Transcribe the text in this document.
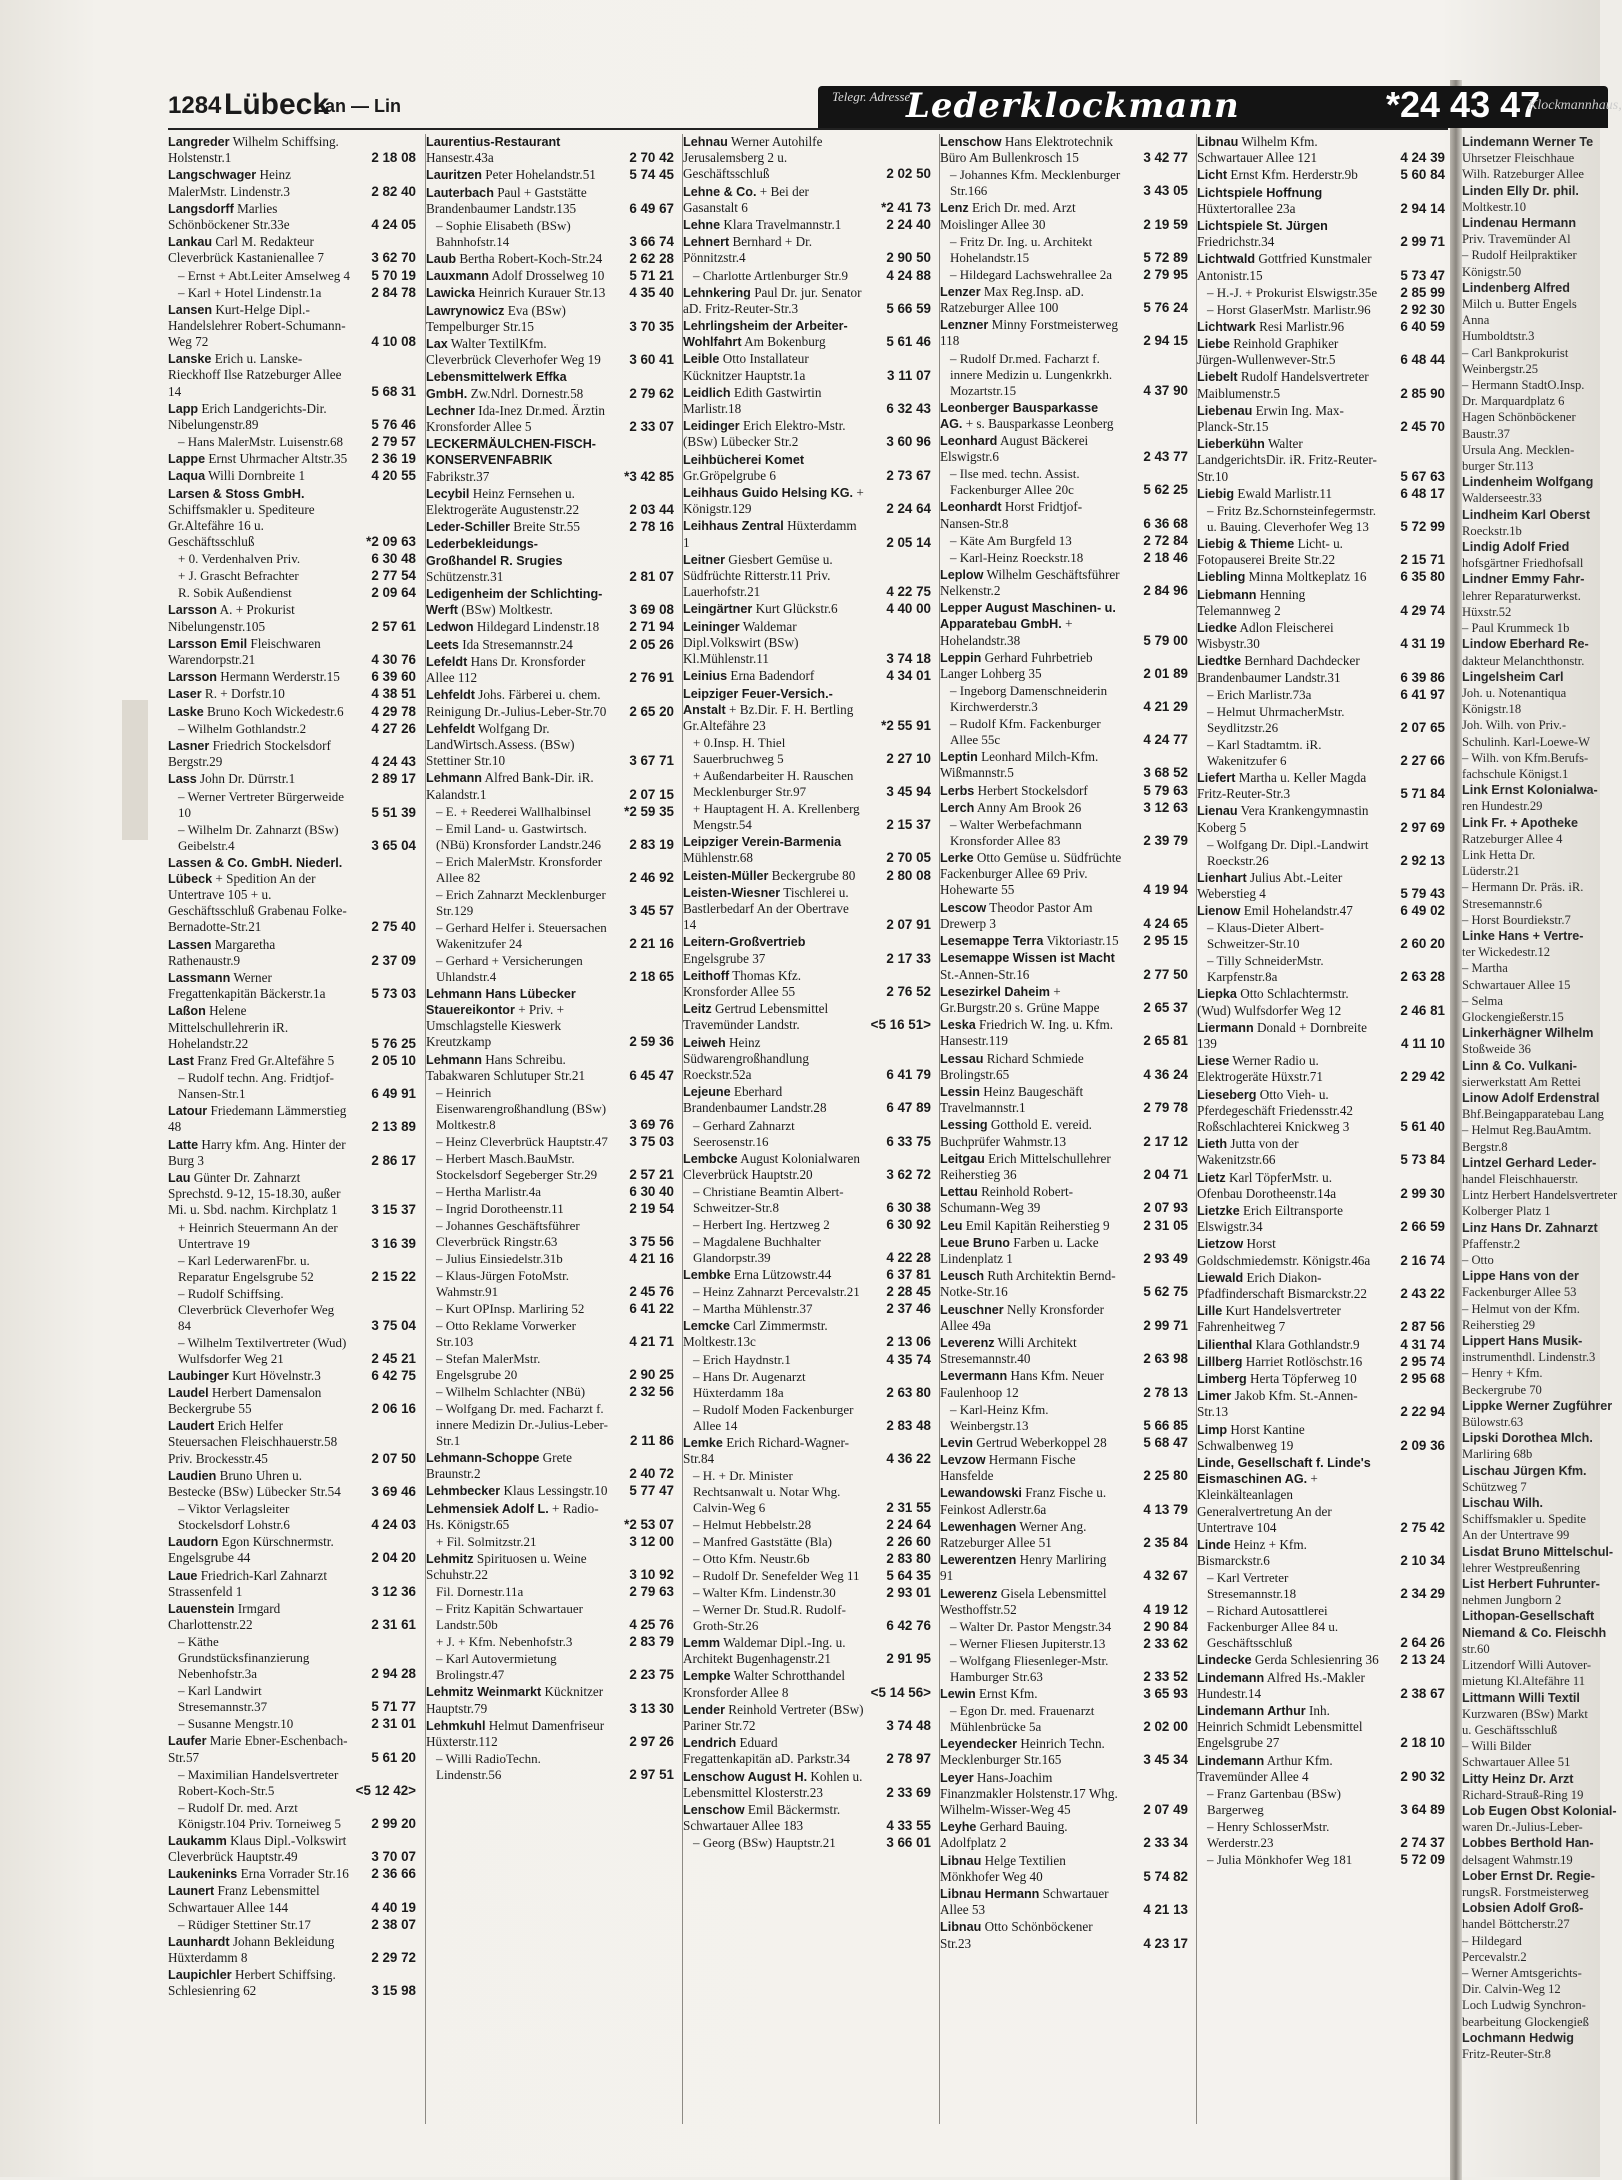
1284 Lübeck
Lan — Lin	Telegr. Adresse
Lederklockmann	*24 43 47
Klockmannhaus,
Langreder Wilhelm Schiffsing. Holstenstr.1	2 18 08
Langschwager Heinz MalerMstr. Lindenstr.3	2 82 40
Langsdorff Marlies Schönböckener Str.33e	4 24 05
Lankau Carl M. Redakteur Cleverbrück Kastanienallee 7	3 62 70
– Ernst + Abt.Leiter Amselweg 4 5 70 19
– Karl + Hotel Lindenstr.1a	2 84 78
Lansen Kurt-Helge Dipl.-Handelslehrer Robert-Schumann-Weg 72	4 10 08
Lanske Erich u. Lanske-Rieckhoff Ilse Ratzeburger Allee 14	5 68 31
Lapp Erich Landgerichts-Dir. Nibelungenstr.89	5 76 46
– Hans MalerMstr. Luisenstr.68 2 79 57
Lappe Ernst Uhrmacher Altstr.35 2 36 19
Laqua Willi Dornbreite 1	4 20 55
Larsen & Stoss GmbH. Schiffsmakler u. Spediteure Gr.Altefähre 16 u. Geschäftsschluß	*2 09 63
+ 0. Verdenhalven Priv.	6 30 48
+ J. Grascht Befrachter	2 77 54
R. Sobik Außendienst	2 09 64
Larsson A. + Prokurist Nibelungenstr.105	2 57 61
Larsson Emil Fleischwaren Warendorpstr.21	4 30 76
Larsson Hermann Werderstr.15 6 39 60
Laser R. + Dorfstr.10	4 38 51
Laske Bruno Koch Wickedestr.6 4 29 78
– Wilhelm Gothlandstr.2	4 27 26
Lasner Friedrich Stockelsdorf Bergstr.29	4 24 43
Lass John Dr. Dürrstr.1	2 89 17
– Werner Vertreter Bürgerweide 10	5 51 39
– Wilhelm Dr. Zahnarzt (BSw) Geibelstr.4	3 65 04
Lassen & Co. GmbH. Niederl. Lübeck + Spedition An der Untertrave 105 + u. Geschäftsschluß Grabenau Folke-Bernadotte-Str.21	2 75 40
Lassen Margaretha Rathenaustr.9	2 37 09
Lassmann Werner Fregattenkapitän Bäckerstr.1a	5 73 03
Laßon Helene Mittelschullehrerin iR. Hohelandstr.22	5 76 25
Last Franz Fred Gr.Altefähre 5	2 05 10
– Rudolf techn. Ang. Fridtjof-Nansen-Str.1	6 49 91
Latour Friedemann Lämmerstieg 48	2 13 89
Latte Harry kfm. Ang. Hinter der Burg 3	2 86 17
Lau Günter Dr. Zahnarzt Sprechstd. 9-12, 15-18.30, außer Mi. u. Sbd. nachm. Kirchplatz 1	3 15 37
+ Heinrich Steuermann An der Untertrave 19	3 16 39
– Karl LederwarenFbr. u. Reparatur Engelsgrube 52	2 15 22
– Rudolf Schiffsing. Cleverbrück Cleverhofer Weg 84	3 75 04
– Wilhelm Textilvertreter (Wud) Wulfsdorfer Weg 21	2 45 21
Laubinger Kurt Hövelnstr.3	6 42 75
Laudel Herbert Damensalon Beckergrube 55	2 06 16
Laudert Erich Helfer Steuersachen Fleischhauerstr.58 Priv. Brockesstr.45	2 07 50
Laudien Bruno Uhren u. Bestecke (BSw) Lübecker Str.54 3 69 46
– Viktor Verlagsleiter Stockelsdorf Lohstr.6	4 24 03
Laudorn Egon Kürschnermstr. Engelsgrube 44	2 04 20
Laue Friedrich-Karl Zahnarzt Strassenfeld 1	3 12 36
Lauenstein Irmgard Charlottenstr.22	2 31 61
– Käthe Grundstücksfinanzierung Nebenhofstr.3a	2 94 28
– Karl Landwirt Stresemannstr.37	5 71 77
– Susanne Mengstr.10	2 31 01
Laufer Marie Ebner-Eschenbach-Str.57	5 61 20
– Maximilian Handelsvertreter Robert-Koch-Str.5	<5 12 42>
– Rudolf Dr. med. Arzt Königstr.104 Priv. Torneiweg 5 2 99 20
Laukamm Klaus Dipl.-Volkswirt Cleverbrück Hauptstr.49	3 70 07
Laukeninks Erna Vorrader Str.16 2 36 66
Launert Franz Lebensmittel Schwartauer Allee 144	4 40 19
– Rüdiger Stettiner Str.17	2 38 07
Launhardt Johann Bekleidung Hüxterdamm 8	2 29 72
Laupichler Herbert Schiffsing. Schlesienring 62	3 15 98
Laurentius-Restaurant Hansestr.43a	2 70 42
Lauritzen Peter Hohelandstr.51 5 74 45
Lauterbach Paul + Gaststätte Brandenbaumer Landstr.135	6 49 67
– Sophie Elisabeth (BSw) Bahnhofstr.14	3 66 74
Laub Bertha Robert-Koch-Str.24 2 62 28
Lauxmann Adolf Drosselweg 10 5 71 21
Lawicka Heinrich Kurauer Str.13 4 35 40
Lawrynowicz Eva (BSw) Tempelburger Str.15	3 70 35
Lax Walter TextilKfm. Cleverbrück Cleverhofer Weg 19 3 60 41
Lebensmittelwerk Effka GmbH. Zw.Ndrl. Dornestr.58	2 79 62
Lechner Ida-Inez Dr.med. Ärztin Kronsforder Allee 5	2 33 07
LECKERMÄULCHEN-FISCH-KONSERVENFABRIK Fabrikstr.37	*3 42 85
Lecybil Heinz Fernsehen u. Elektrogeräte Augustenstr.22	2 03 44
Leder-Schiller Breite Str.55	2 78 16
Lederbekleidungs-Großhandel R. Srugies Schützenstr.31	2 81 07
Ledigenheim der Schlichting-Werft (BSw) Moltkestr.	3 69 08
Ledwon Hildegard Lindenstr.18 2 71 94
Leets Ida Stresemannstr.24	2 05 26
Lefeldt Hans Dr. Kronsforder Allee 112	2 76 91
Lehfeldt Johs. Färberei u. chem. Reinigung Dr.-Julius-Leber-Str.70 2 65 20
Lehfeldt Wolfgang Dr. LandWirtsch.Assess. (BSw) Stettiner Str.10	3 67 71
Lehmann Alfred Bank-Dir. iR. Kalandstr.1	2 07 15
– E. + Reederei Wallhalbinsel *2 59 35
– Emil Land- u. Gastwirtsch. (NBü) Kronsforder Landstr.246 2 83 19
– Erich MalerMstr. Kronsforder Allee 82	2 46 92
– Erich Zahnarzt Mecklenburger Str.129	3 45 57
– Gerhard Helfer i. Steuersachen Wakenitzufer 24	2 21 16
– Gerhard + Versicherungen Uhlandstr.4	2 18 65
Lehmann Hans Lübecker Stauereikontor + Priv. + Umschlagstelle Kieswerk Kreutzkamp	2 59 36
Lehmann Hans Schreibu. Tabakwaren Schlutuper Str.21	6 45 47
– Heinrich Eisenwarengroßhandlung (BSw) Moltkestr.8	3 69 76
– Heinz Cleverbrück Hauptstr.47 3 75 03
– Herbert Masch.BauMstr. Stockelsdorf Segeberger Str.29 2 57 21
– Hertha Marlistr.4a	6 30 40
– Ingrid Dorotheenstr.11	2 19 54
– Johannes Geschäftsführer Cleverbrück Ringstr.63	3 75 56
– Julius Einsiedelstr.31b	4 21 16
– Klaus-Jürgen FotoMstr. Wahmstr.91	2 45 76
– Kurt OPInsp. Marliring 52	6 41 22
– Otto Reklame Vorwerker Str.103	4 21 71
– Stefan MalerMstr. Engelsgrube 20	2 90 25
– Wilhelm Schlachter (NBü)	2 32 56
– Wolfgang Dr. med. Facharzt f. innere Medizin Dr.-Julius-Leber-Str.1	2 11 86
Lehmann-Schoppe Grete Braunstr.2	2 40 72
Lehmbecker Klaus Lessingstr.10 5 77 47
Lehmensiek Adolf L. + Radio-Hs. Königstr.65	*2 53 07
+ Fil. Solmitzstr.21	3 12 00
Lehmitz Spirituosen u. Weine Schuhstr.22	3 10 92
Fil. Dornestr.11a	2 79 63
– Fritz Kapitän Schwartauer Landstr.50b	4 25 76
+ J. + Kfm. Nebenhofstr.3	2 83 79
– Karl Autovermietung Brolingstr.47	2 23 75
Lehmitz Weinmarkt Kücknitzer Hauptstr.79	3 13 30
Lehmkuhl Helmut Damenfriseur Hüxterstr.112	2 97 26
– Willi RadioTechn. Lindenstr.56	2 97 51
Lehnau Werner Autohilfe Jerusalemsberg 2 u. Geschäftsschluß	2 02 50
Lehne & Co. + Bei der Gasanstalt 6	*2 41 73
Lehne Klara Travelmannstr.1	2 24 40
Lehnert Bernhard + Dr. Pönnitzstr.4	2 90 50
– Charlotte Artlenburger Str.9	4 24 88
Lehnkering Paul Dr. jur. Senator aD. Fritz-Reuter-Str.3	5 66 59
Lehrlingsheim der Arbeiter-Wohlfahrt Am Bokenburg	5 61 46
Leible Otto Installateur Kücknitzer Hauptstr.1a	3 11 07
Leidlich Edith Gastwirtin Marlistr.18	6 32 43
Leidinger Erich Elektro-Mstr. (BSw) Lübecker Str.2	3 60 96
Leihbücherei Komet Gr.Gröpelgrube 6	2 73 67
Leihhaus Guido Helsing KG. + Königstr.129	2 24 64
Leihhaus Zentral Hüxterdamm 1	2 05 14
Leitner Giesbert Gemüse u. Südfrüchte Ritterstr.11 Priv. Lauerhofstr.21	4 22 75
Leingärtner Kurt Glückstr.6	4 40 00
Leininger Waldemar Dipl.Volkswirt (BSw) Kl.Mühlenstr.11	3 74 18
Leinius Erna Badendorf	4 34 01
Leipziger Feuer-Versich.-Anstalt + Bz.Dir. F. H. Bertling Gr.Altefähre 23	*2 55 91
+ 0.Insp. H. Thiel Sauerbruchweg 5	2 27 10
+ Außendarbeiter H. Rauschen Mecklenburger Str.97	3 45 94
+ Hauptagent H. A. Krellenberg Mengstr.54	2 15 37
Leipziger Verein-Barmenia Mühlenstr.68	2 70 05
Leisten-Müller Beckergrube 80 2 80 08
Leisten-Wiesner Tischlerei u. Bastlerbedarf An der Obertrave 14	2 07 91
Leitern-Großvertrieb Engelsgrube 37	2 17 33
Leithoff Thomas Kfz. Kronsforder Allee 55	2 76 52
Leitz Gertrud Lebensmittel Travemünder Landstr.	<5 16 51>
Leiweh Heinz Südwarengroßhandlung Roeckstr.52a	6 41 79
Lejeune Eberhard Brandenbaumer Landstr.28	6 47 89
– Gerhard Zahnarzt Seerosenstr.16	6 33 75
Lembcke August Kolonialwaren Cleverbrück Hauptstr.20	3 62 72
– Christiane Beamtin Albert-Schweitzer-Str.8	6 30 38
– Herbert Ing. Hertzweg 2	6 30 92
– Magdalene Buchhalter Glandorpstr.39	4 22 28
Lembke Erna Lützowstr.44	6 37 81
– Heinz Zahnarzt Percevalstr.21 2 28 45
– Martha Mühlenstr.37	2 37 46
Lemcke Carl Zimmermstr. Moltkestr.13c	2 13 06
– Erich Haydnstr.1	4 35 74
– Hans Dr. Augenarzt Hüxterdamm 18a	2 63 80
– Rudolf Moden Fackenburger Allee 14	2 83 48
Lemke Erich Richard-Wagner-Str.84	4 36 22
– H. + Dr. Minister Rechtsanwalt u. Notar Whg. Calvin-Weg 6	2 31 55
– Helmut Hebbelstr.28	2 24 64
– Manfred Gaststätte (Bla)	2 26 60
– Otto Kfm. Neustr.6b	2 83 80
– Rudolf Dr. Senefelder Weg 11 5 64 35
– Walter Kfm. Lindenstr.30	2 93 01
– Werner Dr. Stud.R. Rudolf-Groth-Str.26	6 42 76
Lemm Waldemar Dipl.-Ing. u. Architekt Bugenhagenstr.21	2 91 95
Lempke Walter Schrotthandel Kronsforder Allee 8	<5 14 56>
Lender Reinhold Vertreter (BSw) Pariner Str.72	3 74 48
Lendrich Eduard Fregattenkapitän aD. Parkstr.34	2 78 97
Lenschow August H. Kohlen u. Lebensmittel Klosterstr.23	2 33 69
Lenschow Emil Bäckermstr. Schwartauer Allee 183	4 33 55
– Georg (BSw) Hauptstr.21	3 66 01
Lenschow Hans Elektrotechnik Büro Am Bullenkrosch 15	3 42 77
– Johannes Kfm. Mecklenburger Str.166	3 43 05
Lenz Erich Dr. med. Arzt Moislinger Allee 30	2 19 59
– Fritz Dr. Ing. u. Architekt Hohelandstr.15	5 72 89
– Hildegard Lachswehrallee 2a 2 79 95
Lenzer Max Reg.Insp. aD. Ratzeburger Allee 100	5 76 24
Lenzner Minny Forstmeisterweg 118	2 94 15
– Rudolf Dr.med. Facharzt f. innere Medizin u. Lungenkrkh. Mozartstr.15	4 37 90
Leonberger Bausparkasse AG. + s. Bausparkasse Leonberg
Leonhard August Bäckerei Elswigstr.6	2 43 77
– Ilse med. techn. Assist. Fackenburger Allee 20c	5 62 25
Leonhardt Horst Fridtjof-Nansen-Str.8	6 36 68
– Käte Am Burgfeld 13	2 72 84
– Karl-Heinz Roeckstr.18	2 18 46
Leplow Wilhelm Geschäftsführer Nelkenstr.2	2 84 96
Lepper August Maschinen- u. Apparatebau GmbH. + Hohelandstr.38	5 79 00
Leppin Gerhard Fuhrbetrieb Langer Lohberg 35	2 01 89
– Ingeborg Damenschneiderin Kirchwerderstr.3	4 21 29
– Rudolf Kfm. Fackenburger Allee 55c	4 24 77
Leptin Leonhard Milch-Kfm. Wißmannstr.5	3 68 52
Lerbs Herbert Stockelsdorf	5 79 63
Lerch Anny Am Brook 26	3 12 63
– Walter Werbefachmann Kronsforder Allee 83	2 39 79
Lerke Otto Gemüse u. Südfrüchte Fackenburger Allee 69 Priv. Hohewarte 55	4 19 94
Lescow Theodor Pastor Am Drewerp 3	4 24 65
Lesemappe Terra Viktoriastr.15 2 95 15
Lesemappe Wissen ist Macht St.-Annen-Str.16	2 77 50
Lesezirkel Daheim + Gr.Burgstr.20 s. Grüne Mappe	2 65 37
Leska Friedrich W. Ing. u. Kfm. Hansestr.119	2 65 81
Lessau Richard Schmiede Brolingstr.65	4 36 24
Lessin Heinz Baugeschäft Travelmannstr.1	2 79 78
Lessing Gotthold E. vereid. Buchprüfer Wahmstr.13	2 17 12
Leitgau Erich Mittelschullehrer Reiherstieg 36	2 04 71
Lettau Reinhold Robert-Schumann-Weg 39	2 07 93
Leu Emil Kapitän Reiherstieg 9	2 31 05
Leue Bruno Farben u. Lacke Lindenplatz 1	2 93 49
Leusch Ruth Architektin Bernd-Notke-Str.16	5 62 75
Leuschner Nelly Kronsforder Allee 49a	2 99 71
Leverenz Willi Architekt Stresemannstr.40	2 63 98
Levermann Hans Kfm. Neuer Faulenhoop 12	2 78 13
– Karl-Heinz Kfm. Weinbergstr.13	5 66 85
Levin Gertrud Weberkoppel 28	5 68 47
Levzow Hermann Fische Hansfelde	2 25 80
Lewandowski Franz Fische u. Feinkost Adlerstr.6a	4 13 79
Lewenhagen Werner Ang. Ratzeburger Allee 51	2 35 84
Lewerentzen Henry Marliring 91	4 32 67
Lewerenz Gisela Lebensmittel Westhoffstr.52	4 19 12
– Walter Dr. Pastor Mengstr.34 2 90 84
– Werner Fliesen Jupiterstr.13	2 33 62
– Wolfgang Fliesenleger-Mstr. Hamburger Str.63	2 33 52
Lewin Ernst Kfm.	3 65 93
– Egon Dr. med. Frauenarzt Mühlenbrücke 5a	2 02 00
Leyendecker Heinrich Techn. Mecklenburger Str.165	3 45 34
Leyer Hans-Joachim Finanzmakler Holstenstr.17 Whg. Wilhelm-Wisser-Weg 45	2 07 49
Leyhe Gerhard Bauing. Adolfplatz 2	2 33 34
Libnau Helge Textilien Mönkhofer Weg 40	5 74 82
Libnau Hermann Schwartauer Allee 53	4 21 13
Libnau Otto Schönböckener Str.23	4 23 17
Libnau Wilhelm Kfm. Schwartauer Allee 121	4 24 39
Licht Ernst Kfm. Herderstr.9b	5 60 84
Lichtspiele Hoffnung Hüxtertorallee 23a	2 94 14
Lichtspiele St. Jürgen Friedrichstr.34	2 99 71
Lichtwald Gottfried Kunstmaler Antonistr.15	5 73 47
– H.-J. + Prokurist Elswigstr.35e 2 85 99
– Horst GlaserMstr. Marlistr.96 2 92 30
Lichtwark Resi Marlistr.96	6 40 59
Liebe Reinhold Graphiker Jürgen-Wullenwever-Str.5	6 48 44
Liebelt Rudolf Handelsvertreter Maiblumenstr.5	2 85 90
Liebenau Erwin Ing. Max-Planck-Str.15	2 45 70
Lieberkühn Walter LandgerichtsDir. iR. Fritz-Reuter-Str.10	5 67 63
Liebig Ewald Marlistr.11	6 48 17
– Fritz Bz.Schornsteinfegermstr. u. Bauing. Cleverhofer Weg 13 5 72 99
Liebig & Thieme Licht- u. Fotopauserei Breite Str.22	2 15 71
Liebling Minna Moltkeplatz 16	6 35 80
Liebmann Henning Telemannweg 2	4 29 74
Liedke Adlon Fleischerei Wisbystr.30	4 31 19
Liedtke Bernhard Dachdecker Brandenbaumer Landstr.31	6 39 86
– Erich Marlistr.73a	6 41 97
– Helmut UhrmacherMstr. Seydlitzstr.26	2 07 65
– Karl Stadtamtm. iR. Wakenitzufer 6	2 27 66
Liefert Martha u. Keller Magda Fritz-Reuter-Str.3	5 71 84
Lienau Vera Krankengymnastin Koberg 5	2 97 69
– Wolfgang Dr. Dipl.-Landwirt Roeckstr.26	2 92 13
Lienhart Julius Abt.-Leiter Weberstieg 4	5 79 43
Lienow Emil Hohelandstr.47	6 49 02
– Klaus-Dieter Albert-Schweitzer-Str.10	2 60 20
– Tilly SchneiderMstr. Karpfenstr.8a	2 63 28
Liepka Otto Schlachtermstr. (Wud) Wulfsdorfer Weg 12	2 46 81
Liermann Donald + Dornbreite 139	4 11 10
Liese Werner Radio u. Elektrogeräte Hüxstr.71	2 29 42
Lieseberg Otto Vieh- u. Pferdegeschäft Friedensstr.42 Roßschlachterei Knickweg 3	5 61 40
Lieth Jutta von der Wakenitzstr.66	5 73 84
Lietz Karl TöpferMstr. u. Ofenbau Dorotheenstr.14a	2 99 30
Lietzke Erich Eiltransporte Elswigstr.34	2 66 59
Lietzow Horst Goldschmiedemstr. Königstr.46a 2 16 74
Liewald Erich Diakon-Pfadfinderschaft Bismarckstr.22 2 43 22
Lille Kurt Handelsvertreter Fahrenheitweg 7	2 87 56
Lilienthal Klara Gothlandstr.9	4 31 74
Lillberg Harriet Rotlöschstr.16	2 95 74
Limberg Herta Töpferweg 10	2 95 68
Limer Jakob Kfm. St.-Annen-Str.13	2 22 94
Limp Horst Kantine Schwalbenweg 19	2 09 36
Linde, Gesellschaft f. Linde's Eismaschinen AG. + Kleinkälteanlagen Generalvertretung An der Untertrave 104	2 75 42
Linde Heinz + Kfm. Bismarckstr.6	2 10 34
– Karl Vertreter Stresemannstr.18	2 34 29
– Richard Autosattlerei Fackenburger Allee 84 u. Geschäftsschluß	2 64 26
Lindecke Gerda Schlesienring 36 2 13 24
Lindemann Alfred Hs.-Makler Hundestr.14	2 38 67
Lindemann Arthur Inh. Heinrich Schmidt Lebensmittel Engelsgrube 27	2 18 10
Lindemann Arthur Kfm. Travemünder Allee 4	2 90 32
– Franz Gartenbau (BSw) Bargerweg	3 64 89
– Henry SchlosserMstr. Werderstr.23	2 74 37
– Julia Mönkhofer Weg 181	5 72 09
Lindemann Werner Te
Uhrsetzer Fleischhaue
Wilh. Ratzeburger Allee
Linden Elly Dr. phil.
Moltkestr.10
Lindenau Hermann
Priv. Travemünder Al
– Rudolf Heilpraktiker
Königstr.50
Lindenberg Alfred
Milch u. Butter Engels
Anna
Humboldtstr.3
– Carl Bankprokurist
Weinbergstr.25
– Hermann StadtO.Insp.
Dr. Marquardplatz 6
Hagen Schönböckener
Baustr.37
Ursula Ang. Mecklen-
burger Str.113
Lindenheim Wolfgang
Walderseestr.33
Lindheim Karl Oberst
Roeckstr.1b
Lindig Adolf Fried
hofsgärtner Friedhofsall
Lindner Emmy Fahr-
lehrer Reparaturwerkst.
Hüxstr.52
– Paul Krummeck 1b
Lindow Eberhard Re-
dakteur Melanchthonstr.
Lingelsheim Carl
Joh. u. Notenantiqua
Königstr.18
Joh. Wilh. von Priv.-
Schulinh. Karl-Loewe-W
– Wilh. von Kfm.Berufs-
fachschule Königst.1
Link Ernst Kolonialwa-
ren Hundestr.29
Link Fr. + Apotheke
Ratzeburger Allee 4
Link Hetta Dr.
Lüderstr.21
– Hermann Dr. Präs. iR.
Stresemannstr.6
– Horst Bourdiekstr.7
Linke Hans + Vertre-
ter Wickedestr.12
– Martha
Schwartauer Allee 15
– Selma
Glockengießerstr.15
Linkerhägner Wilhelm
Stoßweide 36
Linn & Co. Vulkani-
sierwerkstatt Am Rettei
Linow Adolf Erdenstral
Bhf.Beingapparatebau Lang
– Helmut Reg.BauAmtm.
Bergstr.8
Lintzel Gerhard Leder-
handel Fleischhauerstr.
Lintz Herbert Handelsvertreter
Kolberger Platz 1
Linz Hans Dr. Zahnarzt
Pfaffenstr.2
– Otto
Lippe Hans von der
Fackenburger Allee 53
– Helmut von der Kfm.
Reiherstieg 29
Lippert Hans Musik-
instrumenthdl. Lindenstr.3
– Henry + Kfm.
Beckergrube 70
Lippke Werner Zugführer
Bülowstr.63
Lipski Dorothea Mlch.
Marliring 68b
Lischau Jürgen Kfm.
Schützweg 7
Lischau Wilh.
Schiffsmakler u. Spedite
An der Untertrave 99
Lisdat Bruno Mittelschul-
lehrer Westpreußenring
List Herbert Fuhrunter-
nehmen Jungborn 2
Lithopan-Gesellschaft
Niemand & Co. Fleischh
str.60
Litzendorf Willi Autover-
mietung Kl.Altefähre 11
Littmann Willi Textil
Kurzwaren (BSw) Markt
u. Geschäftsschluß
– Willi Bilder
Schwartauer Allee 51
Litty Heinz Dr. Arzt
Richard-Strauß-Ring 19
Lob Eugen Obst Kolonial-
waren Dr.-Julius-Leber-
Lobbes Berthold Han-
delsagent Wahmstr.19
Lober Ernst Dr. Regie-
rungsR. Forstmeisterweg
Lobsien Adolf Groß-
handel Böttcherstr.27
– Hildegard
Percevalstr.2
– Werner Amtsgerichts-
Dir. Calvin-Weg 12
Loch Ludwig Synchron-
bearbeitung Glockengieß
Lochmann Hedwig
Fritz-Reuter-Str.8
